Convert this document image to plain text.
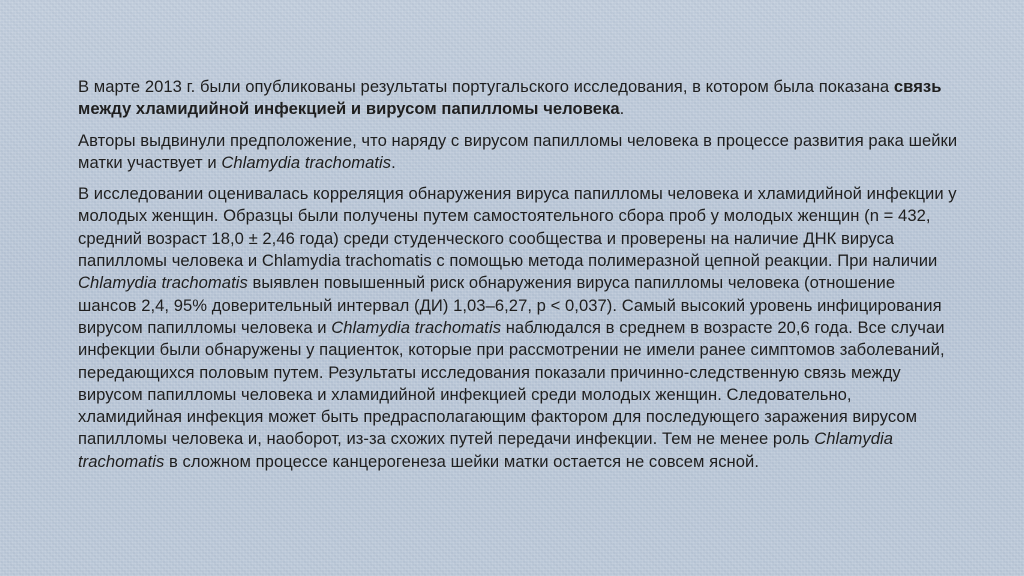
В марте 2013 г. были опубликованы результаты португальского исследования, в котором была показана связь между хламидийной инфекцией и вирусом папилломы человека.

Авторы выдвинули предположение, что наряду с вирусом папилломы человека в процессе развития рака шейки матки участвует и Chlamydia trachomatis.

В исследовании оценивалась корреляция обнаружения вируса папилломы человека и хламидийной инфекции у молодых женщин. Образцы были получены путем самостоятельного сбора проб у молодых женщин (n = 432, средний возраст 18,0 ± 2,46 года) среди студенческого сообщества и проверены на наличие ДНК вируса папилломы человека и Chlamydia trachomatis с помощью метода полимеразной цепной реакции. При наличии Chlamydia trachomatis выявлен повышенный риск обнаружения вируса папилломы человека (отношение шансов 2,4, 95% доверительный интервал (ДИ) 1,03–6,27, p < 0,037). Самый высокий уровень инфицирования вирусом папилломы человека и Chlamydia trachomatis наблюдался в среднем в возрасте 20,6 года. Все случаи инфекции были обнаружены у пациенток, которые при рассмотрении не имели ранее симптомов заболеваний, передающихся половым путем. Результаты исследования показали причинно-следственную связь между вирусом папилломы человека и хламидийной инфекцией среди молодых женщин. Следовательно, хламидийная инфекция может быть предрасполагающим фактором для последующего заражения вирусом папилломы человека и, наоборот, из-за схожих путей передачи инфекции. Тем не менее роль Chlamydia trachomatis в сложном процессе канцерогенеза шейки матки остается не совсем ясной.
